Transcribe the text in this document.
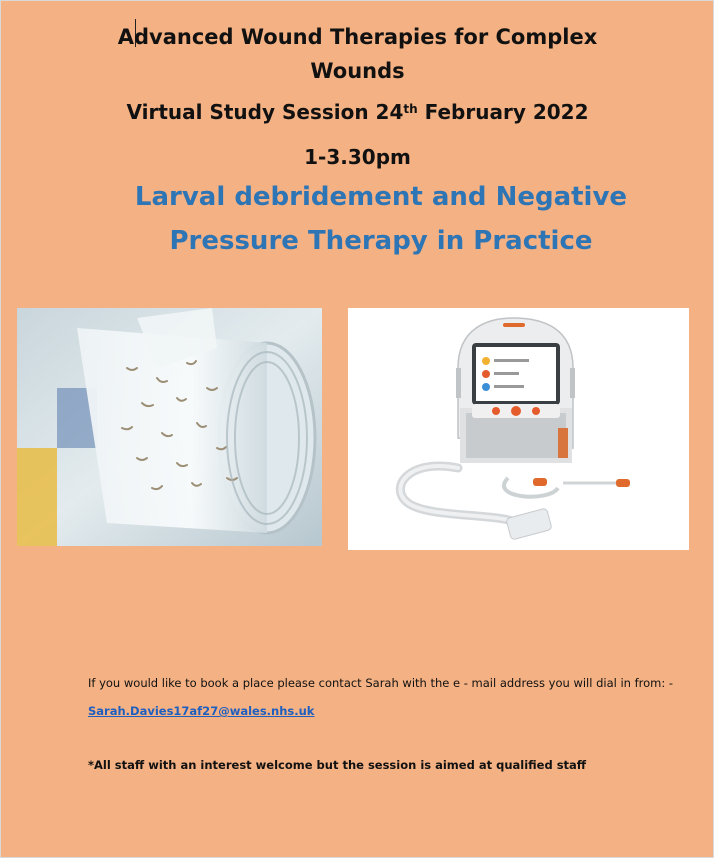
Advanced Wound Therapies for Complex
Wounds
Virtual Study Session 24th February 2022
1-3.30pm
Larval debridement and Negative
Pressure Therapy in Practice
If you would like to book a place please contact Sarah with the e - mail address you will dial in from: -
Sarah.Davies17af27@wales.nhs.uk
*All staff with an interest welcome but the session is aimed at qualified staff
